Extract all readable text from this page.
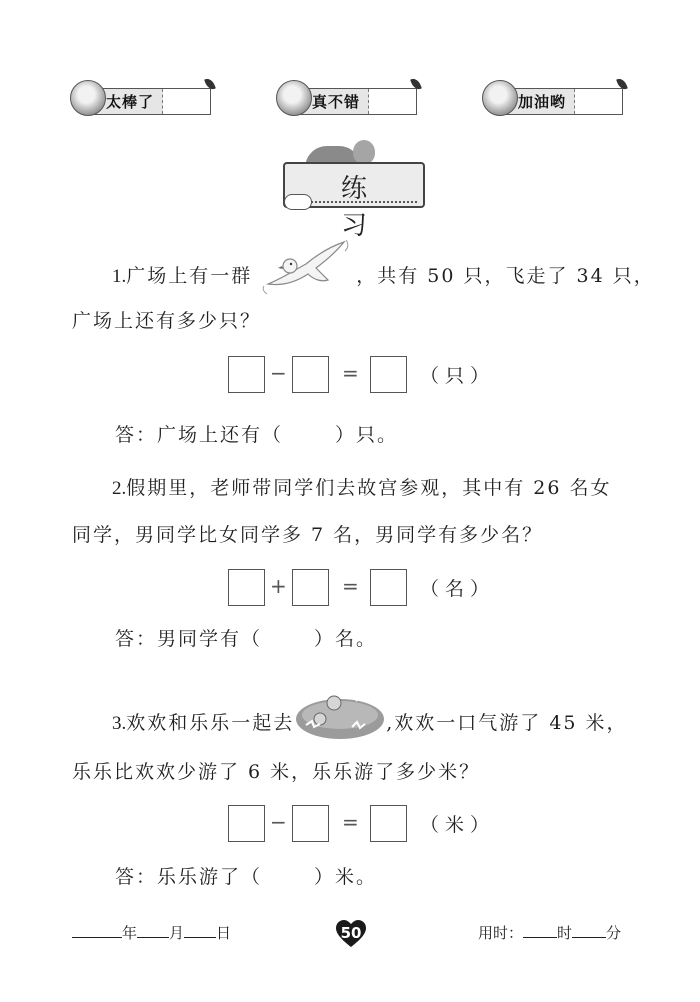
太棒了	真不错	加油哟
练 习
1.广场上有一群	，共有 50 只，飞走了 34 只，
广场上还有多少只？
−	=	（只）
答：广场上还有（	）只。
2.假期里，老师带同学们去故宫参观，其中有 26 名女
同学，男同学比女同学多 7 名，男同学有多少名？
+	=	（名）
答：男同学有（	）名。
3.欢欢和乐乐一起去	,欢欢一口气游了 45 米，
乐乐比欢欢少游了 6 米，乐乐游了多少米？
−	=	（米）
答：乐乐游了（	）米。
年 月 日	50	用时： 时 分
